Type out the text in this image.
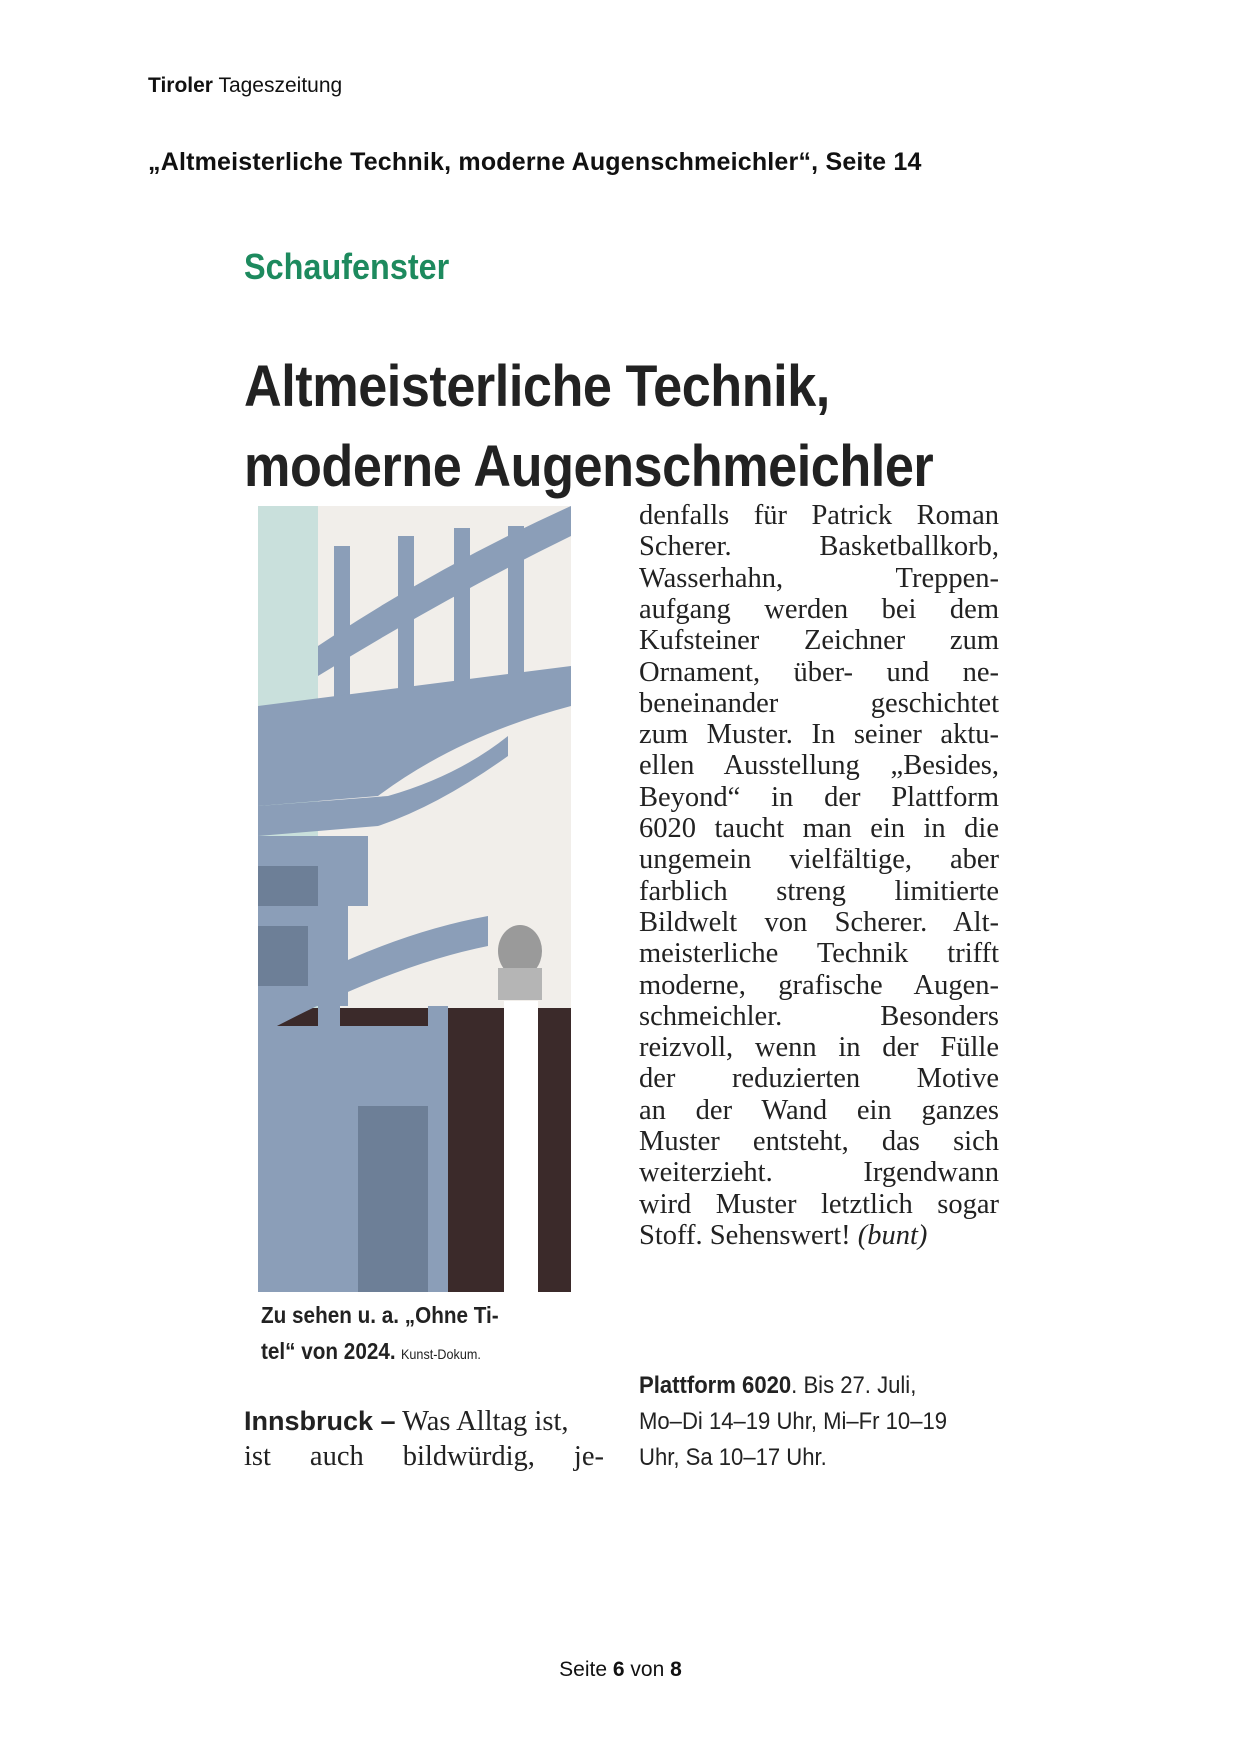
Tiroler Tageszeitung
„Altmeisterliche Technik, moderne Augenschmeichler“, Seite 14
Schaufenster
Altmeisterliche Technik,
moderne Augenschmeichler
Zu sehen u. a. „Ohne Ti-
tel“ von 2024. Kunst-Dokum.
Innsbruck – Was Alltag ist,
ist auch bildwürdig, je-
denfalls für Patrick Roman
Scherer. Basketballkorb,
Wasserhahn, Treppen-
aufgang werden bei dem
Kufsteiner Zeichner zum
Ornament, über- und ne-
beneinander geschichtet
zum Muster. In seiner aktu-
ellen Ausstellung „Besides,
Beyond“ in der Plattform
6020 taucht man ein in die
ungemein vielfältige, aber
farblich streng limitierte
Bildwelt von Scherer. Alt-
meisterliche Technik trifft
moderne, grafische Augen-
schmeichler. Besonders
reizvoll, wenn in der Fülle
der reduzierten Motive
an der Wand ein ganzes
Muster entsteht, das sich
weiterzieht. Irgendwann
wird Muster letztlich sogar
Stoff. Sehenswert! (bunt)
Plattform 6020. Bis 27. Juli,
Mo–Di 14–19 Uhr, Mi–Fr 10–19
Uhr, Sa 10–17 Uhr.
Seite 6 von 8
